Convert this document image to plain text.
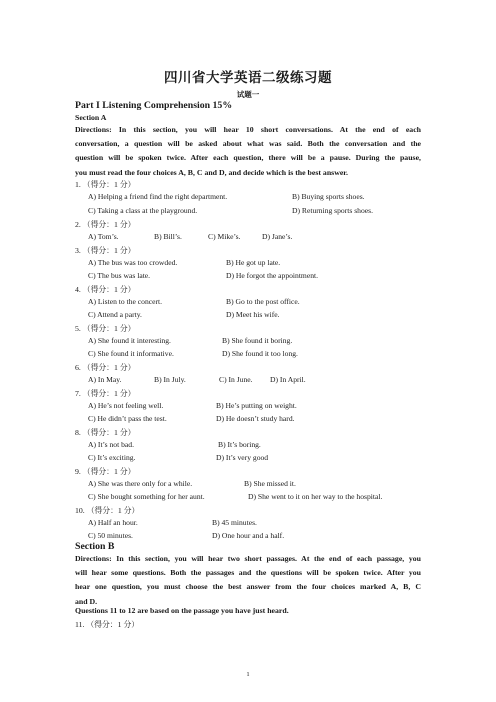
四川省大学英语二级练习题
试题一
Part I Listening Comprehension 15%
Section A
Directions: In this section, you will hear 10 short conversations. At the end of each
conversation, a question will be asked about what was said. Both the conversation and the
question will be spoken twice. After each question, there will be a pause. During the pause,
you must read the four choices A, B, C and D, and decide which is the best answer.
1. （得分：1 分）
A) Helping a friend find the right department.	B) Buying sports shoes.
C) Taking a class at the playground.	D) Returning sports shoes.
2. （得分：1 分）
A) Tom’s.	B) Bill’s.	C) Mike’s.	D) Jane’s.
3. （得分：1 分）
A) The bus was too crowded.	B) He got up late.
C) The bus was late.	D) He forgot the appointment.
4. （得分：1 分）
A) Listen to the concert.	B) Go to the post office.
C) Attend a party.	D) Meet his wife.
5. （得分：1 分）
A) She found it interesting.	B) She found it boring.
C) She found it informative.	D) She found it too long.
6. （得分：1 分）
A) In May.	B) In July.	C) In June. D) In April.
7. （得分：1 分）
A) He’s not feeling well.	B) He’s putting on weight.
C) He didn’t pass the test.	D) He doesn’t study hard.
8. （得分：1 分）
A) It’s not bad.	B) It’s boring.
C) It’s exciting.	D) It’s very good
9. （得分：1 分）
A) She was there only for a while.	B) She missed it.
C) She bought something for her aunt.	D) She went to it on her way to the hospital.
10. （得分：1 分）
A) Half an hour.	B) 45 minutes.
C) 50 minutes.	D) One hour and a half.
Section B
Directions: In this section, you will hear two short passages. At the end of each passage, you
will hear some questions. Both the passages and the questions will be spoken twice. After you
hear one question, you must choose the best answer from the four choices marked A, B, C
and D.
Questions 11 to 12 are based on the passage you have just heard.
11. （得分：1 分）
1
